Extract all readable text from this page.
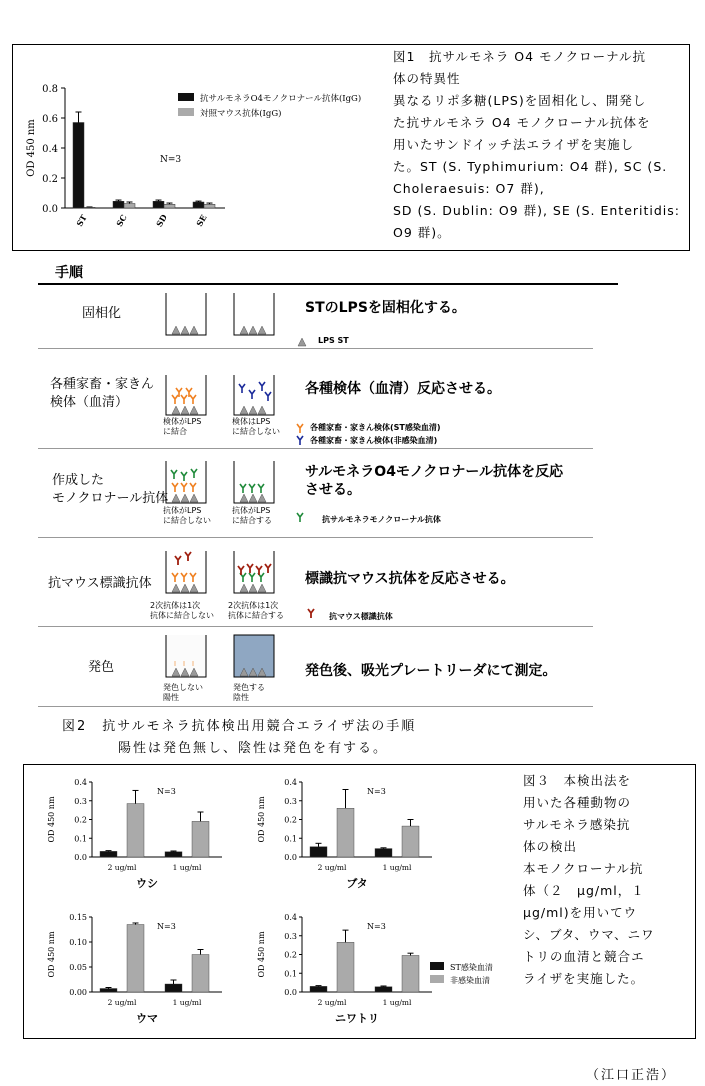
0.0
0.2
0.4
0.6
0.8
OD 450 nm
ST	SC	SD	SE
N=3
抗サルモネラO4モノクロナール抗体(IgG)
対照マウス抗体(IgG)
図1　抗サルモネラ O4 モノクローナル抗
体の特異性
異なるリポ多糖(LPS)を固相化し、開発し
た抗サルモネラ O4 モノクローナル抗体を
用いたサンドイッチ法エライザを実施し
た。ST (S. Typhimurium: O4 群), SC (S.
Choleraesuis: O7 群),
SD (S. Dublin: O9 群), SE (S. Enteritidis:
O9 群)。
手順
固相化	STのLPSを固相化する。
LPS ST
各種家畜・家きん
検体（血清）
各種検体（血清）反応させる。
検体がLPS
に結合
検体はLPS
に結合しない	各種家畜・家きん検体(ST感染血清)
各種家畜・家きん検体(非感染血清)
作成した
モノクロナール抗体
サルモネラO4モノクロナール抗体を反応
させる。
抗体がLPS
に結合しない
抗体がLPS
に結合する	抗サルモネラモノクローナル抗体
抗マウス標識抗体	標識抗マウス抗体を反応させる。
2次抗体は1次
抗体に結合しない
2次抗体は1次
抗体に結合する	抗マウス標識抗体
発色	発色後、吸光プレートリーダにて測定。
発色しない
陽性
発色する
陰性
図2　抗サルモネラ抗体検出用競合エライザ法の手順
陽性は発色無し、陰性は発色を有する。
0.0
0.1
0.2
0.3
0.4
OD 450 nm
2 ug/ml	1 ug/ml
N=3
ウシ
0.0
0.1
0.2
0.3
0.4
OD 450 nm
2 ug/ml	1 ug/ml
N=3
ブタ
0.00
0.05
0.10
0.15
OD 450 nm
2 ug/ml	1 ug/ml
N=3
ウマ
0.0
0.1
0.2
0.3
0.4
OD 450 nm
2 ug/ml	1 ug/ml
N=3
ニワトリ
ST感染血清
非感染血清
図３　本検出法を
用いた各種動物の
サルモネラ感染抗
体の検出
本モノクローナル抗
体（２　μg/ml，１
μg/ml)を用いてウ
シ、ブタ、ウマ、ニワ
トリの血清と競合エ
ライザを実施した。
（江口正浩）
